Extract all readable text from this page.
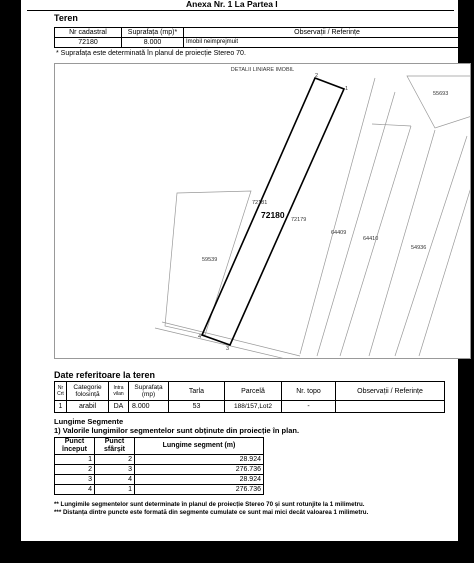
Anexa Nr. 1 La Partea I
Teren
Nr cadastral	Suprafața (mp)*	Observații / Referințe
72180	8.000	Imobil neimprejmuit
* Suprafața este determinată în planul de proiecție Stereo 70.
DETALII LINIARE IMOBIL
1
2
3
4
55693
72181
72179
64409
64410
54936
59539
72180
Date referitoare la teren
Nr Crt	Categorie folosință	Intra vilan	Suprafața (mp)	Tarla	Parcelă	Nr. topo	Observații / Referințe
1	arabil	DA	8.000	53	188/157,Lot2	-	
Lungime Segmente
1) Valorile lungimilor segmentelor sunt obținute din proiecție în plan.
Punct început	Punct sfârșit	Lungime segment (m)
1	2	28.924
2	3	276.736
3	4	28.924
4	1	276.736
** Lungimile segmentelor sunt determinate în planul de proiecție Stereo 70 și sunt rotunjite la 1 milimetru.
*** Distanța dintre puncte este formată din segmente cumulate ce sunt mai mici decât valoarea 1 milimetru.
